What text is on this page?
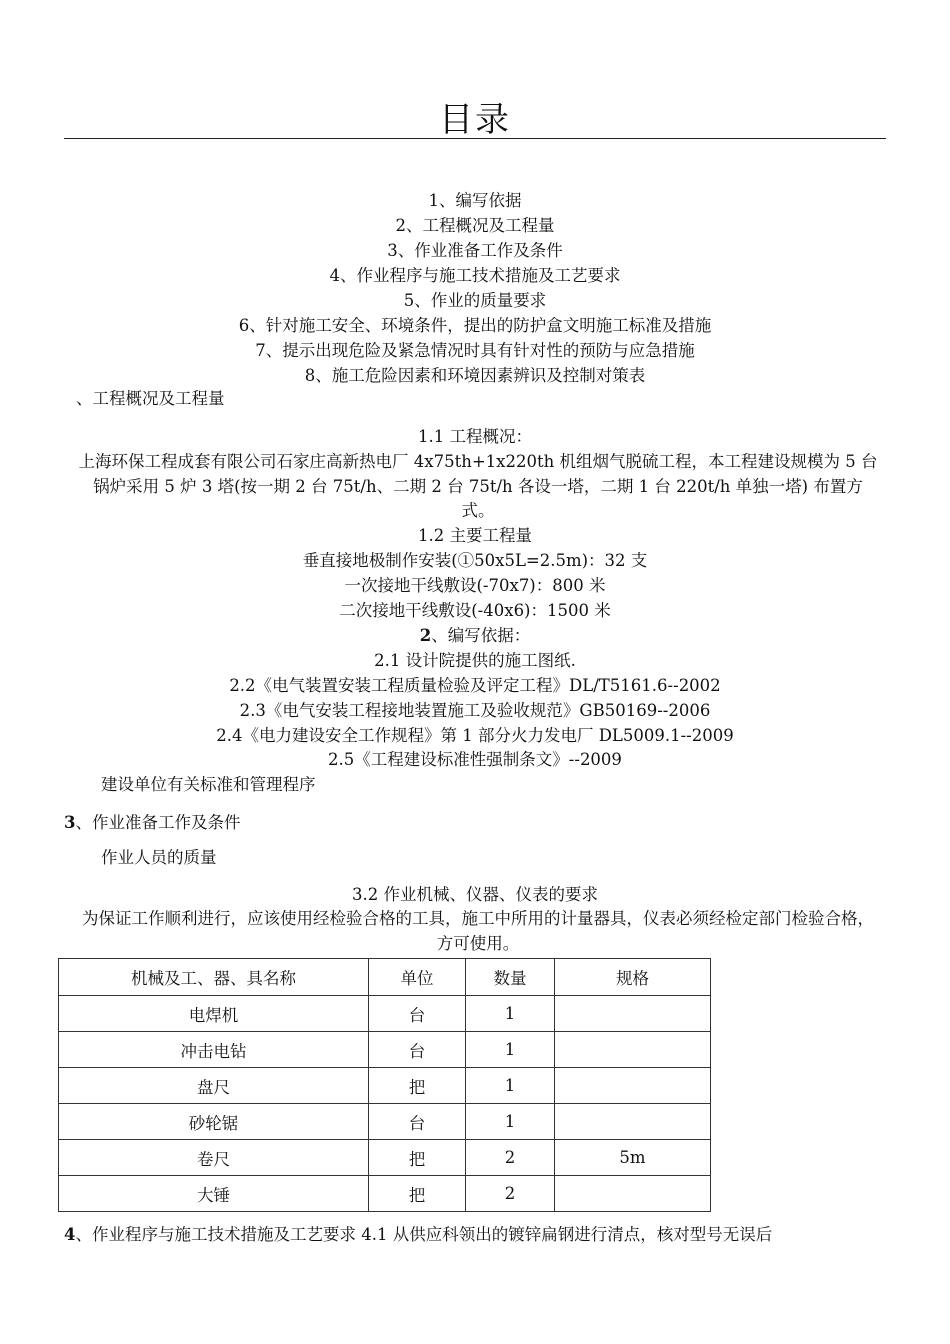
目录
1、编写依据
2、工程概况及工程量
3、作业准备工作及条件
4、作业程序与施工技术措施及工艺要求
5、作业的质量要求
6、针对施工安全、环境条件，提出的防护盒文明施工标准及措施
7、提示出现危险及紧急情况时具有针对性的预防与应急措施
8、施工危险因素和环境因素辨识及控制对策表
、工程概况及工程量
1.1 工程概况：
上海环保工程成套有限公司石家庄高新热电厂 4x75th+1x220th 机组烟气脱硫工程，本工程建设规模为 5 台锅炉采用 5 炉 3 塔(按一期 2 台 75t/h、二期 2 台 75t/h 各设一塔，二期 1 台 220t/h 单独一塔) 布置方式。
1.2 主要工程量
垂直接地极制作安装(①50x5L=2.5m)：32 支
一次接地干线敷设(-70x7)：800 米
二次接地干线敷设(-40x6)：1500 米
2、编写依据：
2.1 设计院提供的施工图纸.
2.2《电气装置安装工程质量检验及评定工程》DL/T5161.6--2002
2.3《电气安装工程接地装置施工及验收规范》GB50169--2006
2.4《电力建设安全工作规程》第 1 部分火力发电厂 DL5009.1--2009
2.5《工程建设标准性强制条文》--2009
建设单位有关标准和管理程序
3、作业准备工作及条件
作业人员的质量
3.2 作业机械、仪器、仪表的要求
为保证工作顺利进行，应该使用经检验合格的工具，施工中所用的计量器具，仪表必须经检定部门检验合格，方可使用。
机械及工、器、具名称	单位	数量	规格
电焊机	台	1	
冲击电钻	台	1	
盘尺	把	1	
砂轮锯	台	1	
卷尺	把	2	5m
大锤	把	2	
4、作业程序与施工技术措施及工艺要求 4.1 从供应科领出的镀锌扁钢进行清点，核对型号无误后
